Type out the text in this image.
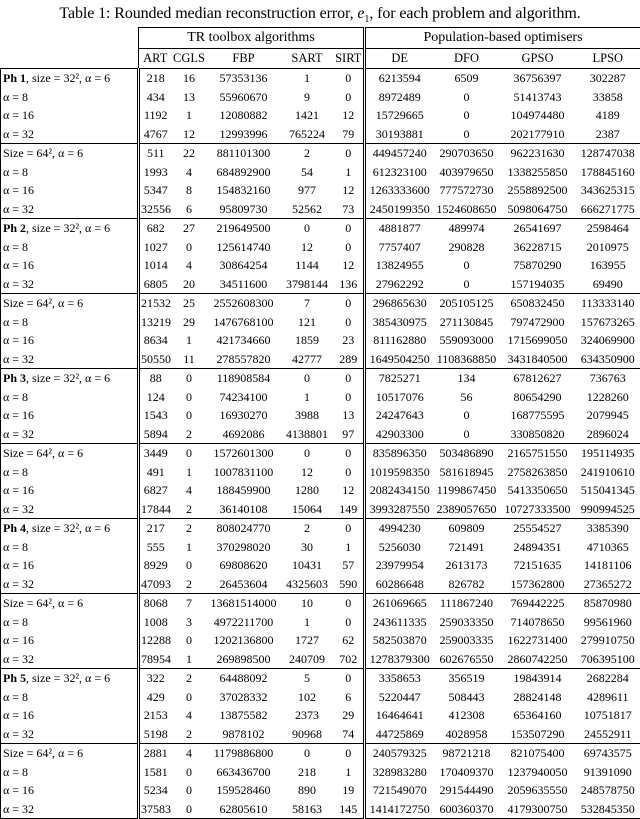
Table 1: Rounded median reconstruction error, $e_1$, for each problem and algorithm.
	TR toolbox algorithms					Population-based optimisers			
	ART	CGLS	FBP	SART	SIRT	DE	DFO	GPSO	LPSO
Ph 1, size = 32², α = 6	218	16	57353136	1	0	6213594	6509	36756397	302287
α = 8	434	13	55960670	9	0	8972489	0	51413743	33858
α = 16	1192	1	12080882	1421	12	15729665	0	104974480	4189
α = 32	4767	12	12993996	765224	79	30193881	0	202177910	2387
Size = 64², α = 6	511	22	881101300	2	0	449457240	290703650	962231630	128747038
α = 8	1993	4	684892900	54	1	612323100	403979650	1338255850	178845160
α = 16	5347	8	154832160	977	12	1263333600	777572730	2558892500	343625315
α = 32	32556	6	95809730	52562	73	2450199350	1524608650	5098064750	666271775
Ph 2, size = 32², α = 6	682	27	219649500	0	0	4881877	489974	26541697	2598464
α = 8	1027	0	125614740	12	0	7757407	290828	36228715	2010975
α = 16	1014	4	30864254	1144	12	13824955	0	75870290	163955
α = 32	6805	20	34511600	3798144	136	27962292	0	157194035	69490
Size = 64², α = 6	21532	25	2552608300	7	0	296865630	205105125	650832450	113333140
α = 8	13219	29	1476768100	121	0	385430975	271130845	797472900	157673265
α = 16	8634	1	421734660	1859	23	811162880	559093000	1715699050	324069900
α = 32	50550	11	278557820	42777	289	1649504250	1108368850	3431840500	634350900
Ph 3, size = 32², α = 6	88	0	118908584	0	0	7825271	134	67812627	736763
α = 8	124	0	74234100	1	0	10517076	56	80654290	1228260
α = 16	1543	0	16930270	3988	13	24247643	0	168775595	2079945
α = 32	5894	2	4692086	4138801	97	42903300	0	330850820	2896024
Size = 64², α = 6	3449	0	1572601300	0	0	835896350	503486890	2165751550	195114935
α = 8	491	1	1007831100	12	0	1019598350	581618945	2758263850	241910610
α = 16	6827	4	188459900	1280	12	2082434150	1199867450	5413350650	515041345
α = 32	17844	2	36140108	15064	149	3993287550	2389057650	10727333500	990994525
Ph 4, size = 32², α = 6	217	2	808024770	2	0	4994230	609809	25554527	3385390
α = 8	555	1	370298020	30	1	5256030	721491	24894351	4710365
α = 16	8929	0	69808620	10431	57	23979954	2613173	72151635	14181106
α = 32	47093	2	26453604	4325603	590	60286648	826782	157362800	27365272
Size = 64², α = 6	8068	7	13681514000	10	0	261069665	111867240	769442225	85870980
α = 8	1008	3	4972211700	1	0	243611335	259033350	714078650	99561960
α = 16	12288	0	1202136800	1727	62	582503870	259003335	1622731400	279910750
α = 32	78954	1	269898500	240709	702	1278379300	602676550	2860742250	706395100
Ph 5, size = 32², α = 6	322	2	64488092	5	0	3358653	356519	19843914	2682284
α = 8	429	0	37028332	102	6	5220447	508443	28824148	4289611
α = 16	2153	4	13875582	2373	29	16464641	412308	65364160	10751817
α = 32	5198	2	9878102	90968	74	44725869	4028958	153507290	24552911
Size = 64², α = 6	2881	4	1179886800	0	0	240579325	98721218	821075400	69743575
α = 8	1581	0	663436700	218	1	328983280	170409370	1237940050	91391090
α = 16	5234	0	159528460	890	19	721549070	291544490	2059635550	248578750
α = 32	37583	0	62805610	58163	145	1414172750	600360370	4179300750	532845350
